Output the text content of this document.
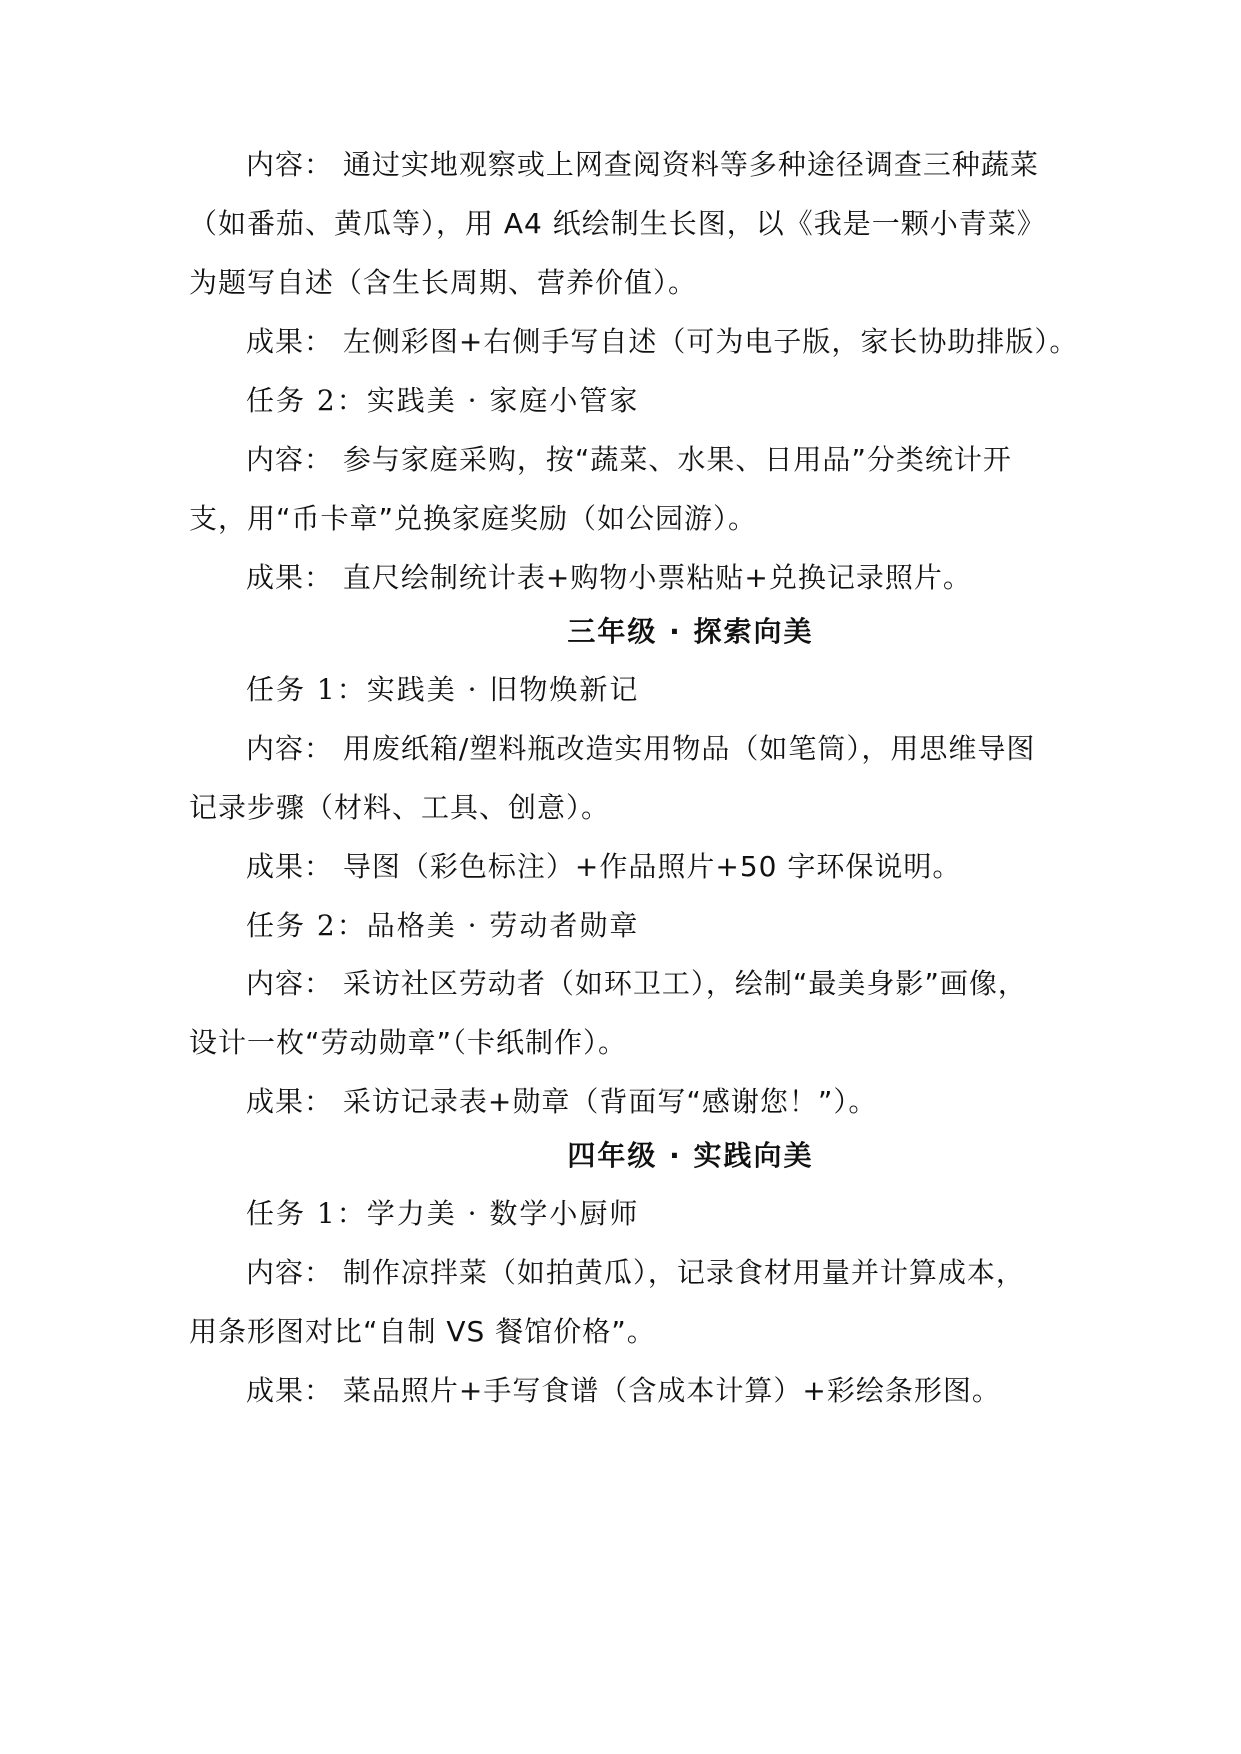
内容： 通过实地观察或上网查阅资料等多种途径调查三种蔬菜
（如番茄、黄瓜等），用 A4 纸绘制生长图，以《我是一颗小青菜》
为题写自述（含生长周期、营养价值）。
成果： 左侧彩图+右侧手写自述（可为电子版，家长协助排版）。
任务 2：实践美 · 家庭小管家
内容： 参与家庭采购，按“蔬菜、水果、日用品”分类统计开
支，用“币卡章”兑换家庭奖励（如公园游）。
成果： 直尺绘制统计表+购物小票粘贴+兑换记录照片。
三年级 · 探索向美
任务 1：实践美 · 旧物焕新记
内容： 用废纸箱/塑料瓶改造实用物品（如笔筒），用思维导图
记录步骤（材料、工具、创意）。
成果： 导图（彩色标注）+作品照片+50 字环保说明。
任务 2：品格美 · 劳动者勋章
内容： 采访社区劳动者（如环卫工），绘制“最美身影”画像，
设计一枚“劳动勋章”（卡纸制作）。
成果： 采访记录表+勋章（背面写“感谢您！”）。
四年级 · 实践向美
任务 1：学力美 · 数学小厨师
内容： 制作凉拌菜（如拍黄瓜），记录食材用量并计算成本，
用条形图对比“自制 VS 餐馆价格”。
成果： 菜品照片+手写食谱（含成本计算）+彩绘条形图。
